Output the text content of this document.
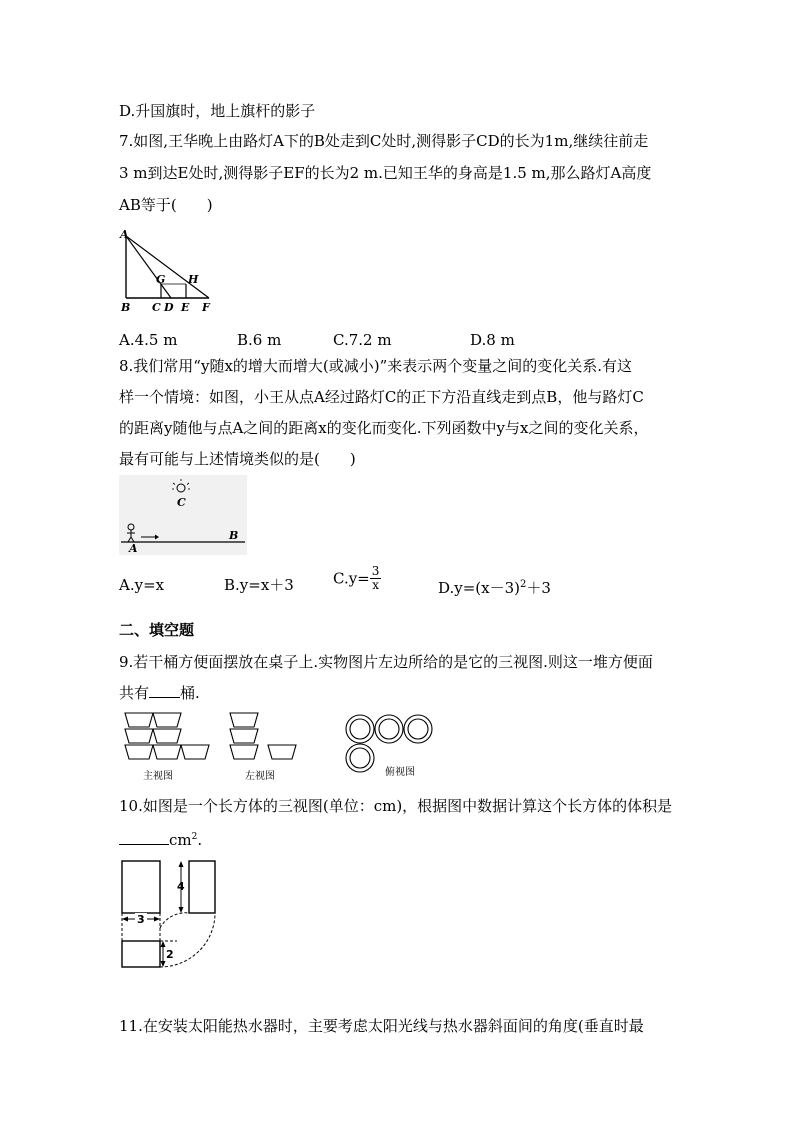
D.升国旗时，地上旗杆的影子
7.如图,王华晚上由路灯A下的B处走到C处时,测得影子CD的长为1m,继续往前走
3 m到达E处时,测得影子EF的长为2 m.已知王华的身高是1.5 m,那么路灯A高度
AB等于(　　)
A
B
G H
C D E F
A.4.5 m	B.6 m	C.7.2 m	D.8 m
8.我们常用“y随x的增大而增大(或减小)”来表示两个变量之间的变化关系.有这
样一个情境：如图，小王从点A经过路灯C的正下方沿直线走到点B，他与路灯C
的距离y随他与点A之间的距离x的变化而变化.下列函数中y与x之间的变化关系，
最有可能与上述情境类似的是(　　)
C
A
B
A.y=x	B.y=x＋3	$C.y= \frac{3}{x}$	$D.y=(x-3)^2+3$
二、填空题
9.若干桶方便面摆放在桌子上.实物图片左边所给的是它的三视图.则这一堆方便面
共有 桶.
主视图	左视图	俯视图
10.如图是一个长方体的三视图(单位：cm)，根据图中数据计算这个长方体的体积是
$cm^2$.
4
3
2
11.在安装太阳能热水器时，主要考虑太阳光线与热水器斜面间的角度(垂直时最
